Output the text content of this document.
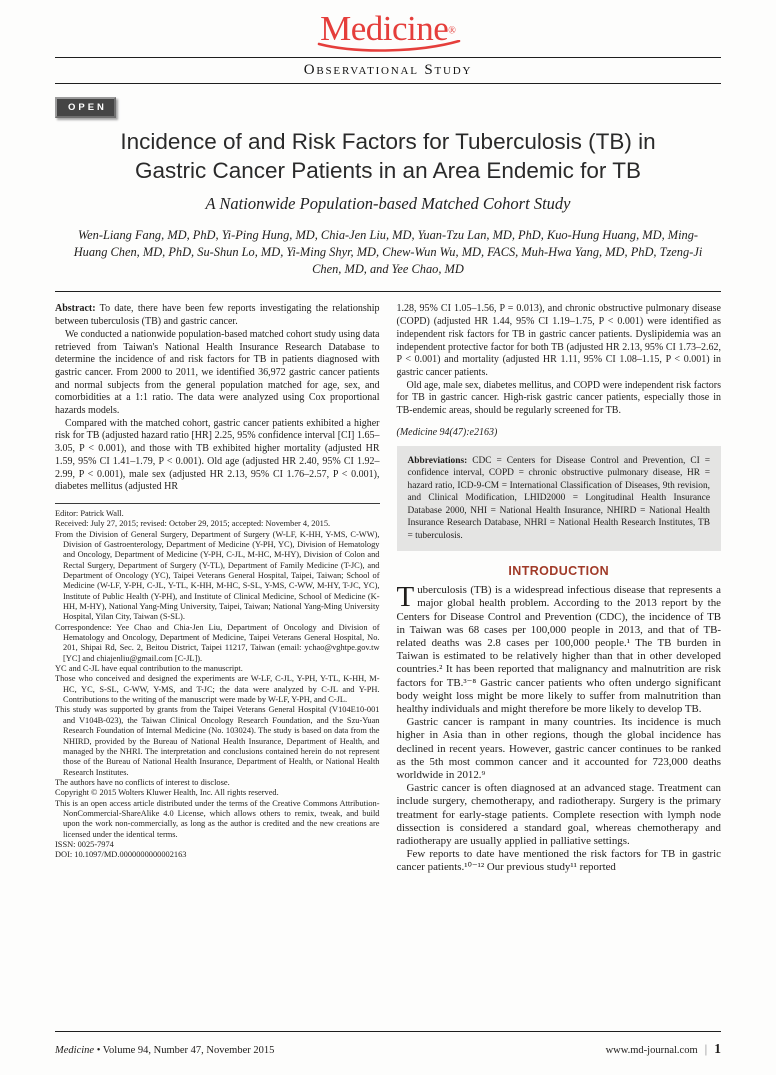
Medicine®
Observational Study
OPEN
Incidence of and Risk Factors for Tuberculosis (TB) in
Gastric Cancer Patients in an Area Endemic for TB
A Nationwide Population-based Matched Cohort Study
Wen-Liang Fang, MD, PhD, Yi-Ping Hung, MD, Chia-Jen Liu, MD, Yuan-Tzu Lan, MD, PhD, Kuo-Hung Huang, MD, Ming-Huang Chen, MD, PhD, Su-Shun Lo, MD, Yi-Ming Shyr, MD, Chew-Wun Wu, MD, FACS, Muh-Hwa Yang, MD, PhD, Tzeng-Ji Chen, MD, and Yee Chao, MD

Abstract: To date, there have been few reports investigating the relationship between tuberculosis (TB) and gastric cancer.

We conducted a nationwide population-based matched cohort study using data retrieved from Taiwan's National Health Insurance Research Database to determine the incidence of and risk factors for TB in patients diagnosed with gastric cancer. From 2000 to 2011, we identified 36,972 gastric cancer patients and normal subjects from the general population matched for age, sex, and comorbidities at a 1:1 ratio. The data were analyzed using Cox proportional hazards models.

Compared with the matched cohort, gastric cancer patients exhibited a higher risk for TB (adjusted hazard ratio [HR] 2.25, 95% confidence interval [CI] 1.65–3.05, P < 0.001), and those with TB exhibited higher mortality (adjusted HR 1.59, 95% CI 1.41–1.79, P < 0.001). Old age (adjusted HR 2.40, 95% CI 1.92–2.99, P < 0.001), male sex (adjusted HR 2.13, 95% CI 1.76–2.57, P < 0.001), diabetes mellitus (adjusted HR

Editor: Patrick Wall.

Received: July 27, 2015; revised: October 29, 2015; accepted: November 4, 2015.

From the Division of General Surgery, Department of Surgery (W-LF, K-HH, Y-MS, C-WW), Division of Gastroenterology, Department of Medicine (Y-PH, YC), Division of Hematology and Oncology, Department of Medicine (Y-PH, C-JL, M-HC, M-HY), Division of Colon and Rectal Surgery, Department of Surgery (Y-TL), Department of Family Medicine (T-JC), and Department of Oncology (YC), Taipei Veterans General Hospital, Taipei, Taiwan; School of Medicine (W-LF, Y-PH, C-JL, Y-TL, K-HH, M-HC, S-SL, Y-MS, C-WW, M-HY, T-JC, YC), Institute of Public Health (Y-PH), and Institute of Clinical Medicine, School of Medicine (K-HH, M-HY), National Yang-Ming University, Taipei, Taiwan; National Yang-Ming University Hospital, Yilan City, Taiwan (S-SL).

Correspondence: Yee Chao and Chia-Jen Liu, Department of Oncology and Division of Hematology and Oncology, Department of Medicine, Taipei Veterans General Hospital, No. 201, Shipai Rd, Sec. 2, Beitou District, Taipei 11217, Taiwan (email: ychao@vghtpe.gov.tw [YC] and chiajenliu@gmail.com [C-JL]).

YC and C-JL have equal contribution to the manuscript.

Those who conceived and designed the experiments are W-LF, C-JL, Y-PH, Y-TL, K-HH, M-HC, YC, S-SL, C-WW, Y-MS, and T-JC; the data were analyzed by C-JL and Y-PH. Contributions to the writing of the manuscript were made by W-LF, Y-PH, and C-JL.

This study was supported by grants from the Taipei Veterans General Hospital (V104E10-001 and V104B-023), the Taiwan Clinical Oncology Research Foundation, and the Szu-Yuan Research Foundation of Internal Medicine (No. 103024). The study is based on data from the NHIRD, provided by the Bureau of National Health Insurance, Department of Health, and managed by the NHRI. The interpretation and conclusions contained herein do not represent those of the Bureau of National Health Insurance, Department of Health, or National Health Research Institutes.

The authors have no conflicts of interest to disclose.

Copyright © 2015 Wolters Kluwer Health, Inc. All rights reserved.

This is an open access article distributed under the terms of the Creative Commons Attribution-NonCommercial-ShareAlike 4.0 License, which allows others to remix, tweak, and build upon the work non-commercially, as long as the author is credited and the new creations are licensed under the identical terms.

ISSN: 0025-7974

DOI: 10.1097/MD.0000000000002163

1.28, 95% CI 1.05–1.56, P = 0.013), and chronic obstructive pulmonary disease (COPD) (adjusted HR 1.44, 95% CI 1.19–1.75, P < 0.001) were identified as independent risk factors for TB in gastric cancer patients. Dyslipidemia was an independent protective factor for both TB (adjusted HR 2.13, 95% CI 1.73–2.62, P < 0.001) and mortality (adjusted HR 1.11, 95% CI 1.08–1.15, P < 0.001) in gastric cancer patients.

Old age, male sex, diabetes mellitus, and COPD were independent risk factors for TB in gastric cancer. High-risk gastric cancer patients, especially those in TB-endemic areas, should be regularly screened for TB.

(Medicine 94(47):e2163)

Abbreviations: CDC = Centers for Disease Control and Prevention, CI = confidence interval, COPD = chronic obstructive pulmonary disease, HR = hazard ratio, ICD-9-CM = International Classification of Diseases, 9th revision, and Clinical Modification, LHID2000 = Longitudinal Health Insurance Database 2000, NHI = National Health Insurance, NHIRD = National Health Insurance Research Database, NHRI = National Health Research Institutes, TB = tuberculosis.
INTRODUCTION

Tuberculosis (TB) is a widespread infectious disease that represents a major global health problem. According to the 2013 report by the Centers for Disease Control and Prevention (CDC), the incidence of TB in Taiwan was 68 cases per 100,000 people in 2013, and that of TB-related deaths was 2.8 cases per 100,000 people.¹ The TB burden in Taiwan is estimated to be relatively higher than that in other developed countries.² It has been reported that malignancy and malnutrition are risk factors for TB.³⁻⁸ Gastric cancer patients who often undergo significant body weight loss might be more likely to suffer from malnutrition than healthy individuals and might therefore be more likely to develop TB.

Gastric cancer is rampant in many countries. Its incidence is much higher in Asia than in other regions, though the global incidence has declined in recent years. However, gastric cancer continues to be ranked as the 5th most common cancer and it accounted for 723,000 deaths worldwide in 2012.⁹

Gastric cancer is often diagnosed at an advanced stage. Treatment can include surgery, chemotherapy, and radiotherapy. Surgery is the primary treatment for early-stage patients. Complete resection with lymph node dissection is considered a standard goal, whereas chemotherapy and radiotherapy are usually applied in palliative settings.

Few reports to date have mentioned the risk factors for TB in gastric cancer patients.¹⁰⁻¹² Our previous study¹¹ reported

Medicine • Volume 94, Number 47, November 2015	www.md-journal.com | 1
